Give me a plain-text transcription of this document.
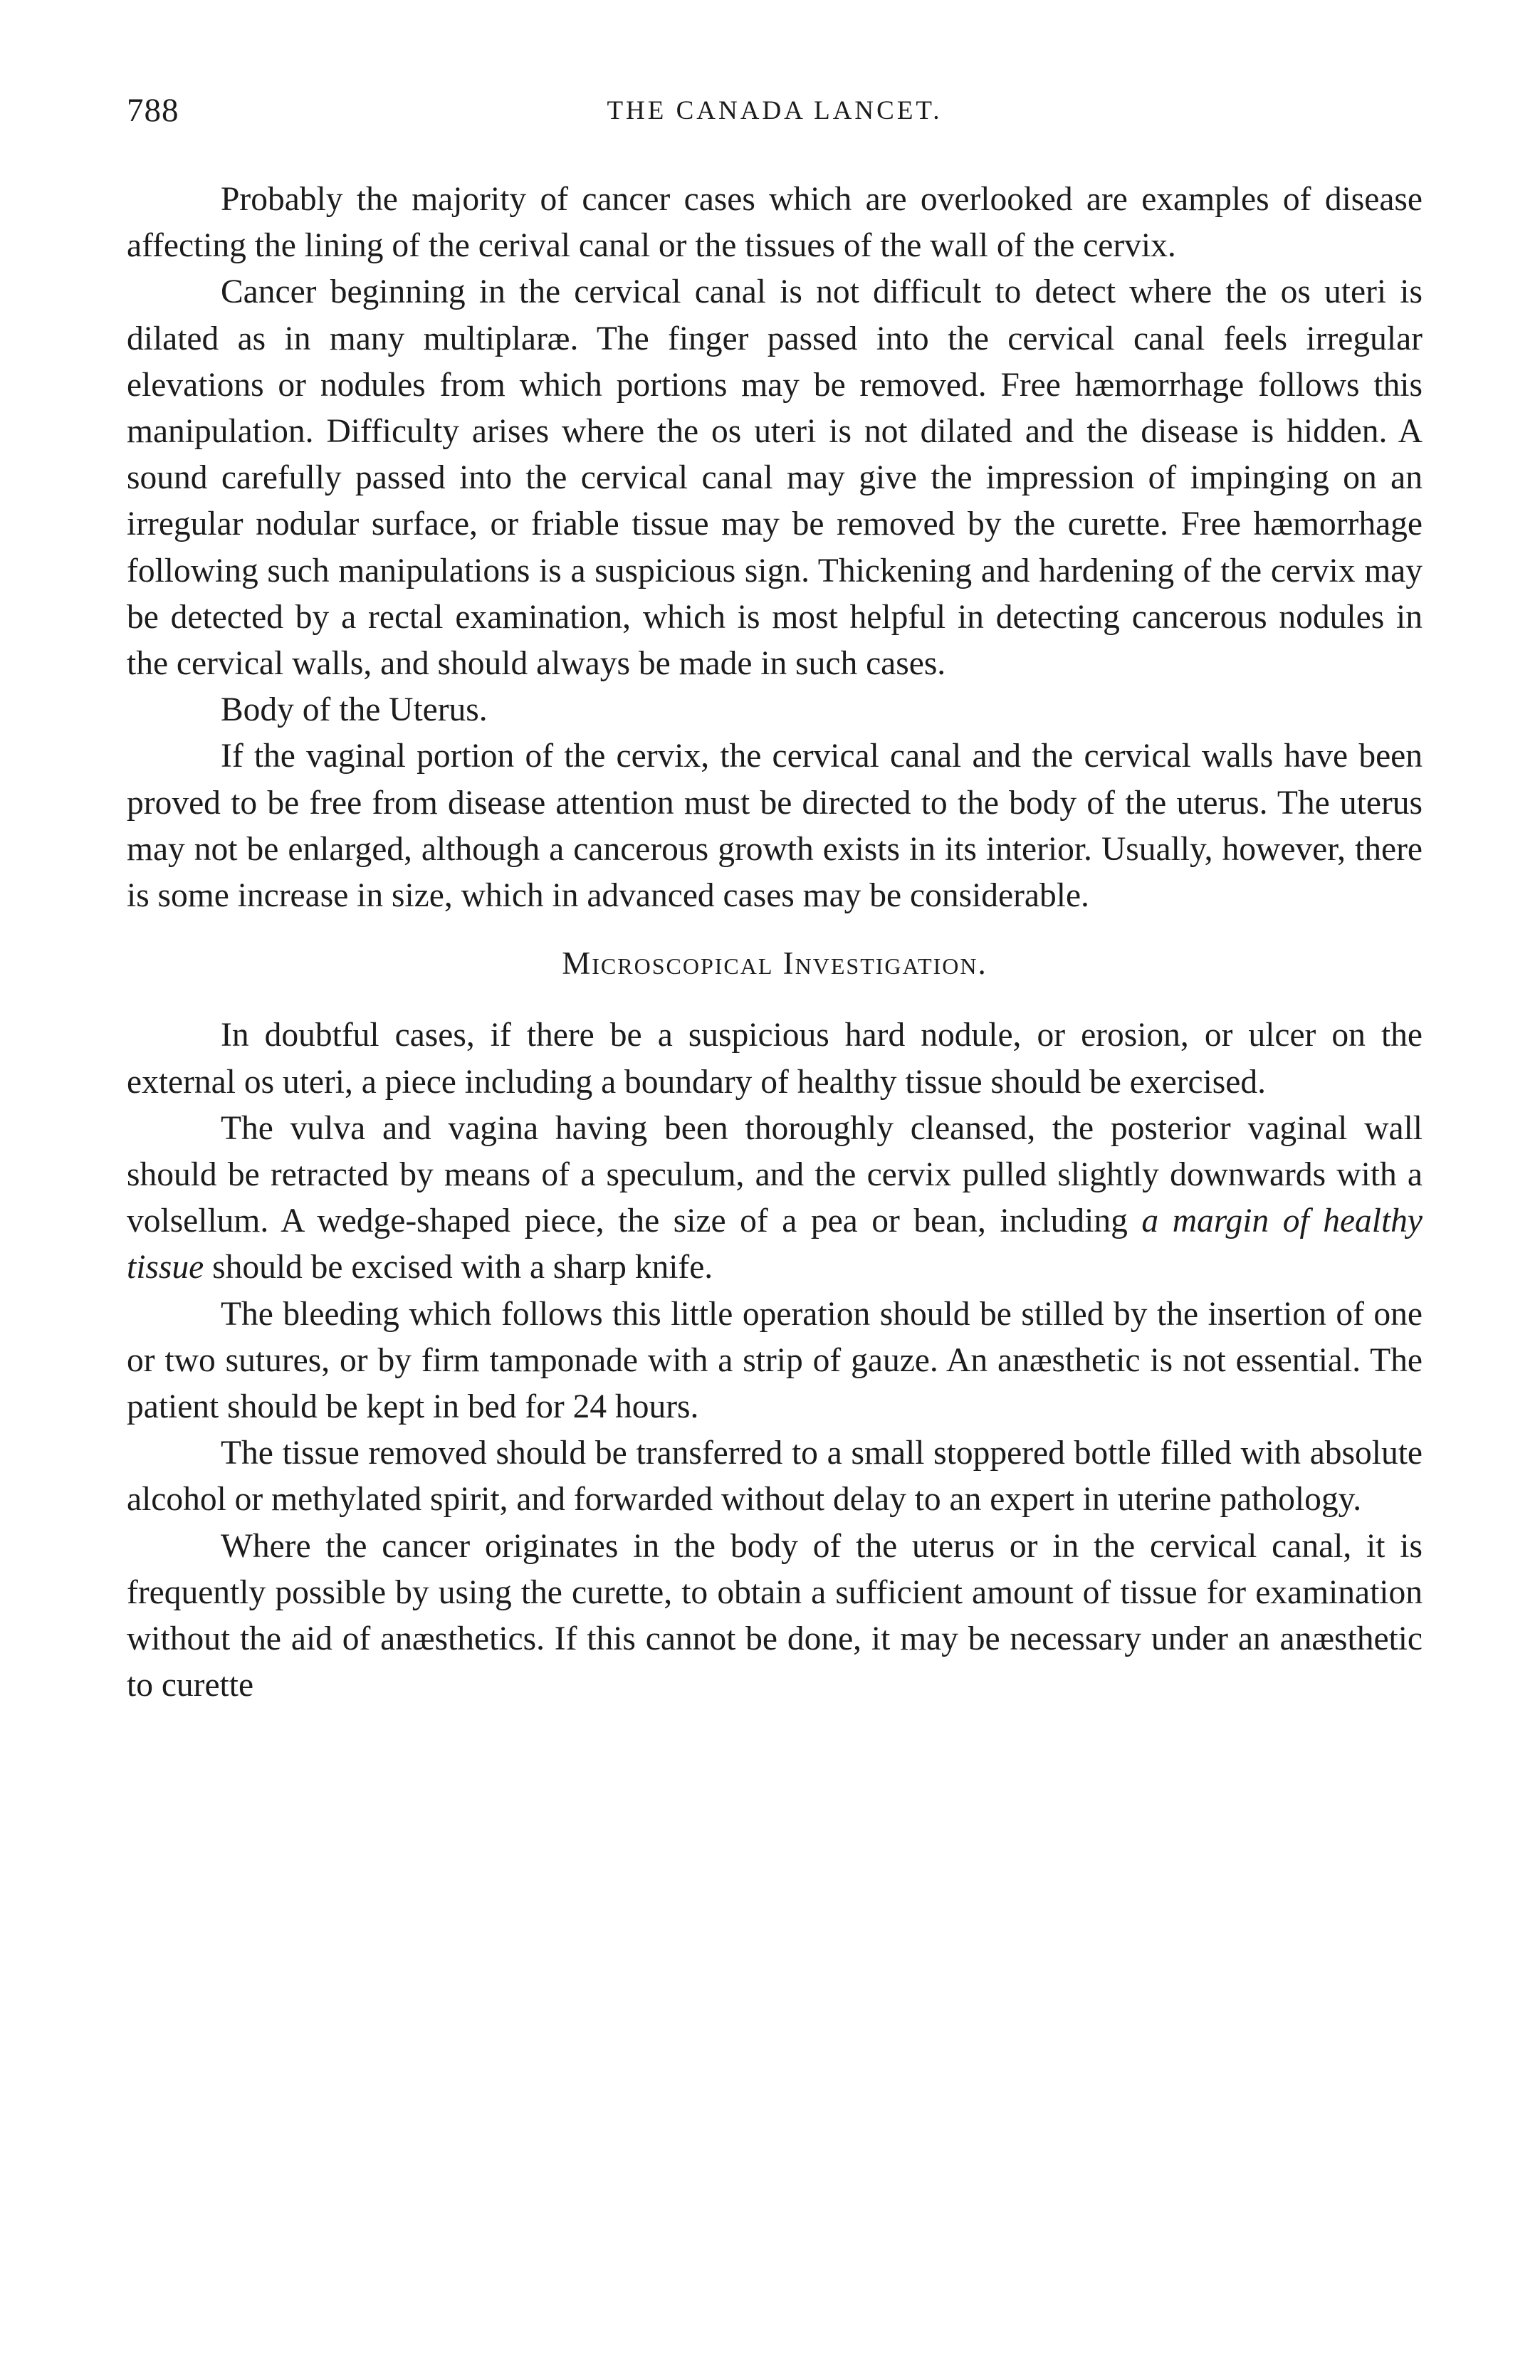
788	THE CANADA LANCET.

Probably the majority of cancer cases which are overlooked are examples of disease affecting the lining of the cerival canal or the tissues of the wall of the cervix.

Cancer beginning in the cervical canal is not difficult to detect where the os uteri is dilated as in many multiplaræ. The finger passed into the cervical canal feels irregular elevations or nodules from which portions may be removed. Free hæmorrhage follows this manipulation. Difficulty arises where the os uteri is not dilated and the disease is hidden. A sound carefully passed into the cervical canal may give the impression of impinging on an irregular nodular surface, or friable tissue may be removed by the curette. Free hæmorrhage following such manipulations is a suspicious sign. Thickening and hardening of the cervix may be detected by a rectal examination, which is most helpful in detecting cancerous nodules in the cervical walls, and should always be made in such cases.

Body of the Uterus.

If the vaginal portion of the cervix, the cervical canal and the cervical walls have been proved to be free from disease attention must be directed to the body of the uterus. The uterus may not be enlarged, although a cancerous growth exists in its interior. Usually, however, there is some increase in size, which in advanced cases may be considerable.

Microscopical Investigation.

In doubtful cases, if there be a suspicious hard nodule, or erosion, or ulcer on the external os uteri, a piece including a boundary of healthy tissue should be exercised.

The vulva and vagina having been thoroughly cleansed, the posterior vaginal wall should be retracted by means of a speculum, and the cervix pulled slightly downwards with a volsellum. A wedge-shaped piece, the size of a pea or bean, including a margin of healthy tissue should be excised with a sharp knife.

The bleeding which follows this little operation should be stilled by the insertion of one or two sutures, or by firm tamponade with a strip of gauze. An anæsthetic is not essential. The patient should be kept in bed for 24 hours.

The tissue removed should be transferred to a small stoppered bottle filled with absolute alcohol or methylated spirit, and forwarded without delay to an expert in uterine pathology.

Where the cancer originates in the body of the uterus or in the cervical canal, it is frequently possible by using the curette, to obtain a sufficient amount of tissue for examination without the aid of anæsthetics. If this cannot be done, it may be necessary under an anæsthetic to curette
